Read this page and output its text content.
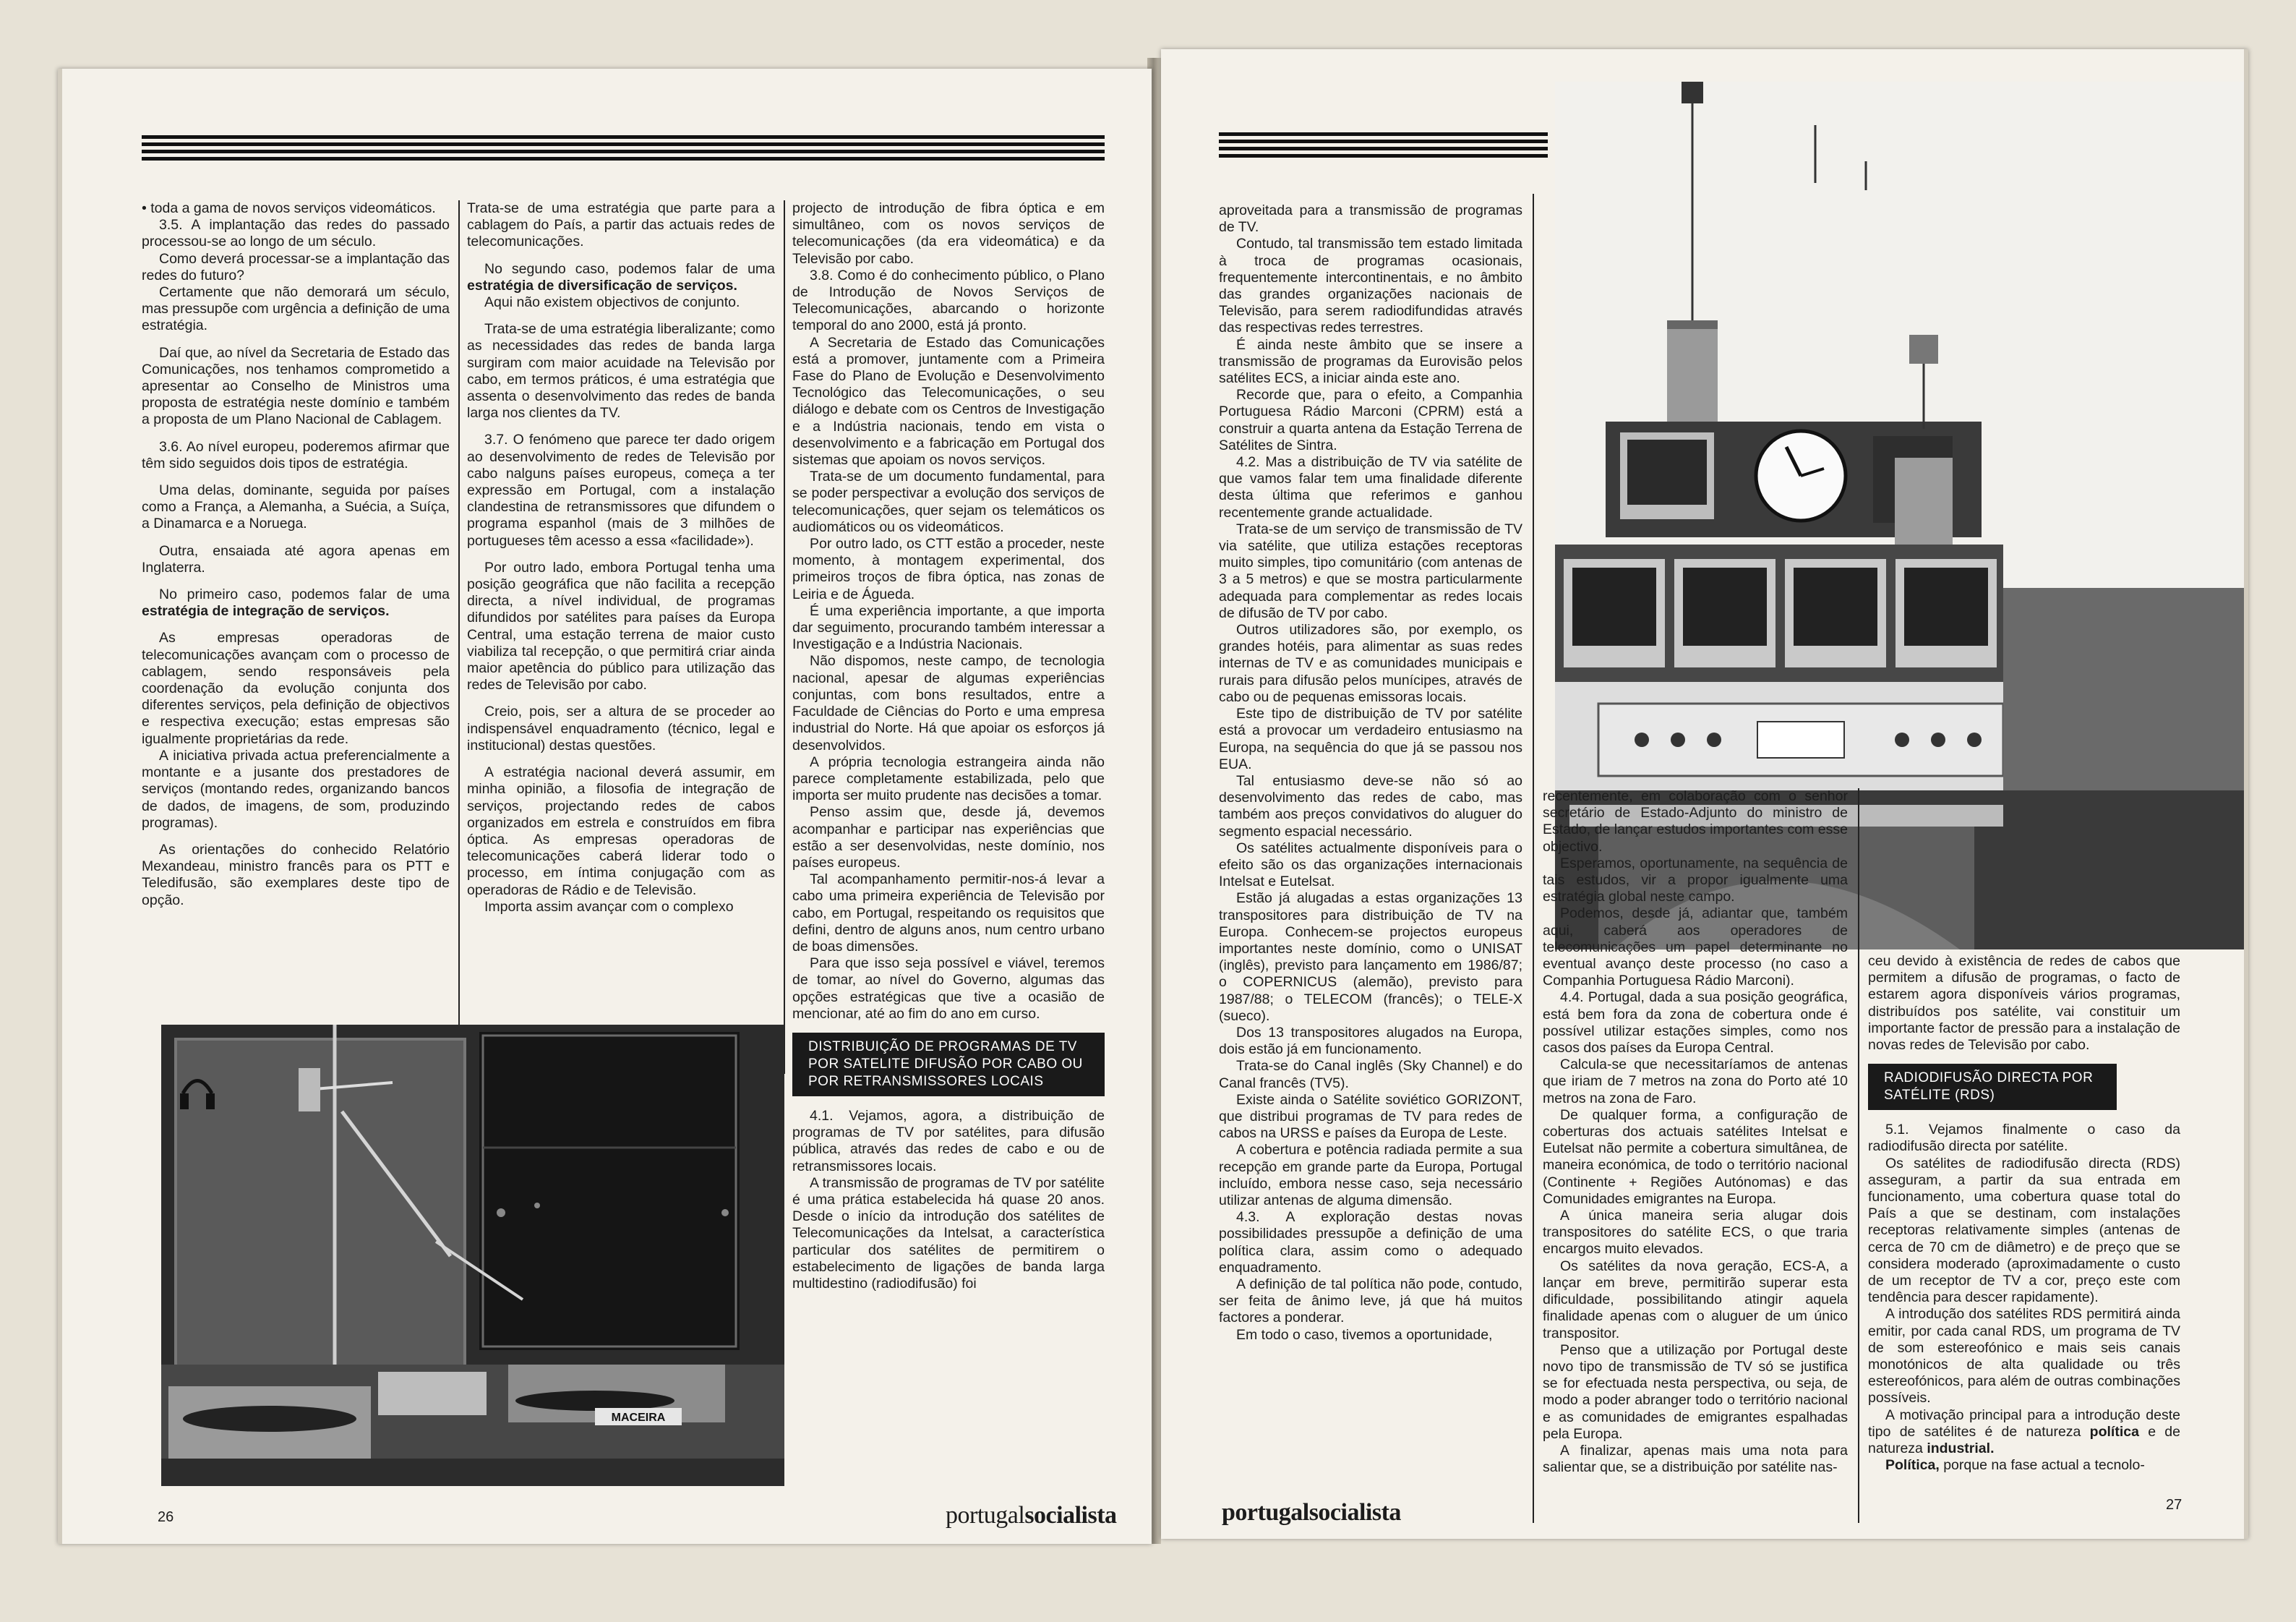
• toda a gama de novos serviços videomáticos.

3.5. A implantação das redes do passado processou-se ao longo de um século.

Como deverá processar-se a implantação das redes do futuro?

Certamente que não demorará um século, mas pressupõe com urgência a definição de uma estratégia.

Daí que, ao nível da Secretaria de Estado das Comunicações, nos tenhamos comprometido a apresentar ao Conselho de Ministros uma proposta de estratégia neste domínio e também a proposta de um Plano Nacional de Cablagem.

3.6. Ao nível europeu, poderemos afirmar que têm sido seguidos dois tipos de estratégia.

Uma delas, dominante, seguida por países como a França, a Alemanha, a Suécia, a Suíça, a Dinamarca e a Noruega.

Outra, ensaiada até agora apenas em Inglaterra.

No primeiro caso, podemos falar de uma estratégia de integração de serviços.

As empresas operadoras de telecomunicações avançam com o processo de cablagem, sendo responsáveis pela coordenação da evolução conjunta dos diferentes serviços, pela definição de objectivos e respectiva execução; estas empresas são igualmente proprietárias da rede.

A iniciativa privada actua preferencialmente a montante e a jusante dos prestadores de serviços (montando redes, organizando bancos de dados, de imagens, de som, produzindo programas).

As orientações do conhecido Relatório Mexandeau, ministro francês para os PTT e Teledifusão, são exemplares deste tipo de opção.

Trata-se de uma estratégia que parte para a cablagem do País, a partir das actuais redes de telecomunicações.

No segundo caso, podemos falar de uma estratégia de diversificação de serviços.

Aqui não existem objectivos de conjunto.

Trata-se de uma estratégia liberalizante; como as necessidades das redes de banda larga surgiram com maior acuidade na Televisão por cabo, em termos práticos, é uma estratégia que assenta o desenvolvimento das redes de banda larga nos clientes da TV.

3.7. O fenómeno que parece ter dado origem ao desenvolvimento de redes de Televisão por cabo nalguns países europeus, começa a ter expressão em Portugal, com a instalação clandestina de retransmissores que difundem o programa espanhol (mais de 3 milhões de portugueses têm acesso a essa «facilidade»).

Por outro lado, embora Portugal tenha uma posição geográfica que não facilita a recepção directa, a nível individual, de programas difundidos por satélites para países da Europa Central, uma estação terrena de maior custo viabiliza tal recepção, o que permitirá criar ainda maior apetência do público para utilização das redes de Televisão por cabo.

Creio, pois, ser a altura de se proceder ao indispensável enquadramento (técnico, legal e institucional) destas questões.

A estratégia nacional deverá assumir, em minha opinião, a filosofia de integração de serviços, projectando redes de cabos organizados em estrela e construídos em fibra óptica. As empresas operadoras de telecomunicações caberá liderar todo o processo, em íntima conjugação com as operadoras de Rádio e de Televisão.

Importa assim avançar com o complexo

projecto de introdução de fibra óptica e em simultâneo, com os novos serviços de telecomunicações (da era videomática) e da Televisão por cabo.

3.8. Como é do conhecimento público, o Plano de Introdução de Novos Serviços de Telecomunicações, abarcando o horizonte temporal do ano 2000, está já pronto.

A Secretaria de Estado das Comunicações está a promover, juntamente com a Primeira Fase do Plano de Evolução e Desenvolvimento Tecnológico das Telecomunicações, o seu diálogo e debate com os Centros de Investigação e a Indústria nacionais, tendo em vista o desenvolvimento e a fabricação em Portugal dos sistemas que apoiam os novos serviços.

Trata-se de um documento fundamental, para se poder perspectivar a evolução dos serviços de telecomunicações, quer sejam os telemáticos os audiomáticos ou os videomáticos.

Por outro lado, os CTT estão a proceder, neste momento, à montagem experimental, dos primeiros troços de fibra óptica, nas zonas de Leiria e de Águeda.

É uma experiência importante, a que importa dar seguimento, procurando também interessar a Investigação e a Indústria Nacionais.

Não dispomos, neste campo, de tecnologia nacional, apesar de algumas experiências conjuntas, com bons resultados, entre a Faculdade de Ciências do Porto e uma empresa industrial do Norte. Há que apoiar os esforços já desenvolvidos.

A própria tecnologia estrangeira ainda não parece completamente estabilizada, pelo que importa ser muito prudente nas decisões a tomar.

Penso assim que, desde já, devemos acompanhar e participar nas experiências que estão a ser desenvolvidas, neste domínio, nos países europeus.

Tal acompanhamento permitir-nos-á levar a cabo uma primeira experiência de Televisão por cabo, em Portugal, respeitando os requisitos que defini, dentro de alguns anos, num centro urbano de boas dimensões.

Para que isso seja possível e viável, teremos de tomar, ao nível do Governo, algumas das opções estratégicas que tive a ocasião de mencionar, até ao fim do ano em curso.

DISTRIBUIÇÃO DE PROGRAMAS DE TV POR SATELITE DIFUSÃO POR CABO OU POR RETRANSMISSORES LOCAIS

4.1. Vejamos, agora, a distribuição de programas de TV por satélites, para difusão pública, através das redes de cabo e ou de retransmissores locais.

A transmissão de programas de TV por satélite é uma prática estabelecida há quase 20 anos. Desde o início da introdução dos satélites de Telecomunicações da Intelsat, a característica particular dos satélites de permitirem o estabelecimento de ligações de banda larga multidestino (radiodifusão) foi

MACEIRA
26	portugalsocialista

aproveitada para a transmissão de programas de TV.

Contudo, tal transmissão tem estado limitada à troca de programas ocasionais, frequentemente intercontinentais, e no âmbito das grandes organizações nacionais de Televisão, para serem radiodifundidas através das respectivas redes terrestres.

É ainda neste âmbito que se insere a transmissão de programas da Eurovisão pelos satélites ECS, a iniciar ainda este ano.

Recorde que, para o efeito, a Companhia Portuguesa Rádio Marconi (CPRM) está a construir a quarta antena da Estação Terrena de Satélites de Sintra.

4.2. Mas a distribuição de TV via satélite de que vamos falar tem uma finalidade diferente desta última que referimos e ganhou recentemente grande actualidade.

Trata-se de um serviço de transmissão de TV via satélite, que utiliza estações receptoras muito simples, tipo comunitário (com antenas de 3 a 5 metros) e que se mostra particularmente adequada para complementar as redes locais de difusão de TV por cabo.

Outros utilizadores são, por exemplo, os grandes hotéis, para alimentar as suas redes internas de TV e as comunidades municipais e rurais para difusão pelos munícipes, através de cabo ou de pequenas emissoras locais.

Este tipo de distribuição de TV por satélite está a provocar um verdadeiro entusiasmo na Europa, na sequência do que já se passou nos EUA.

Tal entusiasmo deve-se não só ao desenvolvimento das redes de cabo, mas também aos preços convidativos do aluguer do segmento espacial necessário.

Os satélites actualmente disponíveis para o efeito são os das organizações internacionais Intelsat e Eutelsat.

Estão já alugadas a estas organizações 13 transpositores para distribuição de TV na Europa. Conhecem-se projectos europeus importantes neste domínio, como o UNISAT (inglês), previsto para lançamento em 1986/87; o COPERNICUS (alemão), previsto para 1987/88; o TELECOM (francês); o TELE-X (sueco).

Dos 13 transpositores alugados na Europa, dois estão já em funcionamento.

Trata-se do Canal inglês (Sky Channel) e do Canal francês (TV5).

Existe ainda o Satélite soviético GORIZONT, que distribui programas de TV para redes de cabos na URSS e países da Europa de Leste.

A cobertura e potência radiada permite a sua recepção em grande parte da Europa, Portugal incluído, embora nesse caso, seja necessário utilizar antenas de alguma dimensão.

4.3. A exploração destas novas possibilidades pressupõe a definição de uma política clara, assim como o adequado enquadramento.

A definição de tal política não pode, contudo, ser feita de ânimo leve, já que há muitos factores a ponderar.

Em todo o caso, tivemos a oportunidade,

recentemente, em colaboração com o senhor secretário de Estado-Adjunto do ministro de Estado, de lançar estudos importantes com esse objectivo.

Esperamos, oportunamente, na sequência de tais estudos, vir a propor igualmente uma estratégia global neste campo.

Podemos, desde já, adiantar que, também aqui, caberá aos operadores de telecomunicações um papel determinante no eventual avanço deste processo (no caso a Companhia Portuguesa Rádio Marconi).

4.4. Portugal, dada a sua posição geográfica, está bem fora da zona de cobertura onde é possível utilizar estações simples, como nos casos dos países da Europa Central.

Calcula-se que necessitaríamos de antenas que iriam de 7 metros na zona do Porto até 10 metros na zona de Faro.

De qualquer forma, a configuração de coberturas dos actuais satélites Intelsat e Eutelsat não permite a cobertura simultânea, de maneira económica, de todo o território nacional (Continente + Regiões Autónomas) e das Comunidades emigrantes na Europa.

A única maneira seria alugar dois transpositores do satélite ECS, o que traria encargos muito elevados.

Os satélites da nova geração, ECS-A, a lançar em breve, permitirão superar esta dificuldade, possibilitando atingir aquela finalidade apenas com o aluguer de um único transpositor.

Penso que a utilização por Portugal deste novo tipo de transmissão de TV só se justifica se for efectuada nesta perspectiva, ou seja, de modo a poder abranger todo o território nacional e as comunidades de emigrantes espalhadas pela Europa.

A finalizar, apenas mais uma nota para salientar que, se a distribuição por satélite nas-

ceu devido à existência de redes de cabos que permitem a difusão de programas, o facto de estarem agora disponíveis vários programas, distribuídos pos satélite, vai constituir um importante factor de pressão para a instalação de novas redes de Televisão por cabo.

RADIODIFUSÃO DIRECTA POR SATÉLITE (RDS)

5.1. Vejamos finalmente o caso da radiodifusão directa por satélite.

Os satélites de radiodifusão directa (RDS) asseguram, a partir da sua entrada em funcionamento, uma cobertura quase total do País a que se destinam, com instalações receptoras relativamente simples (antenas de cerca de 70 cm de diâmetro) e de preço que se considera moderado (aproximadamente o custo de um receptor de TV a cor, preço este com tendência para descer rapidamente).

A introdução dos satélites RDS permitirá ainda emitir, por cada canal RDS, um programa de TV de som estereofónico e mais seis canais monotónicos de alta qualidade ou três estereofónicos, para além de outras combinações possíveis.

A motivação principal para a introdução deste tipo de satélites é de natureza política e de natureza industrial.

Política, porque na fase actual a tecnolo-

portugalsocialista	27
